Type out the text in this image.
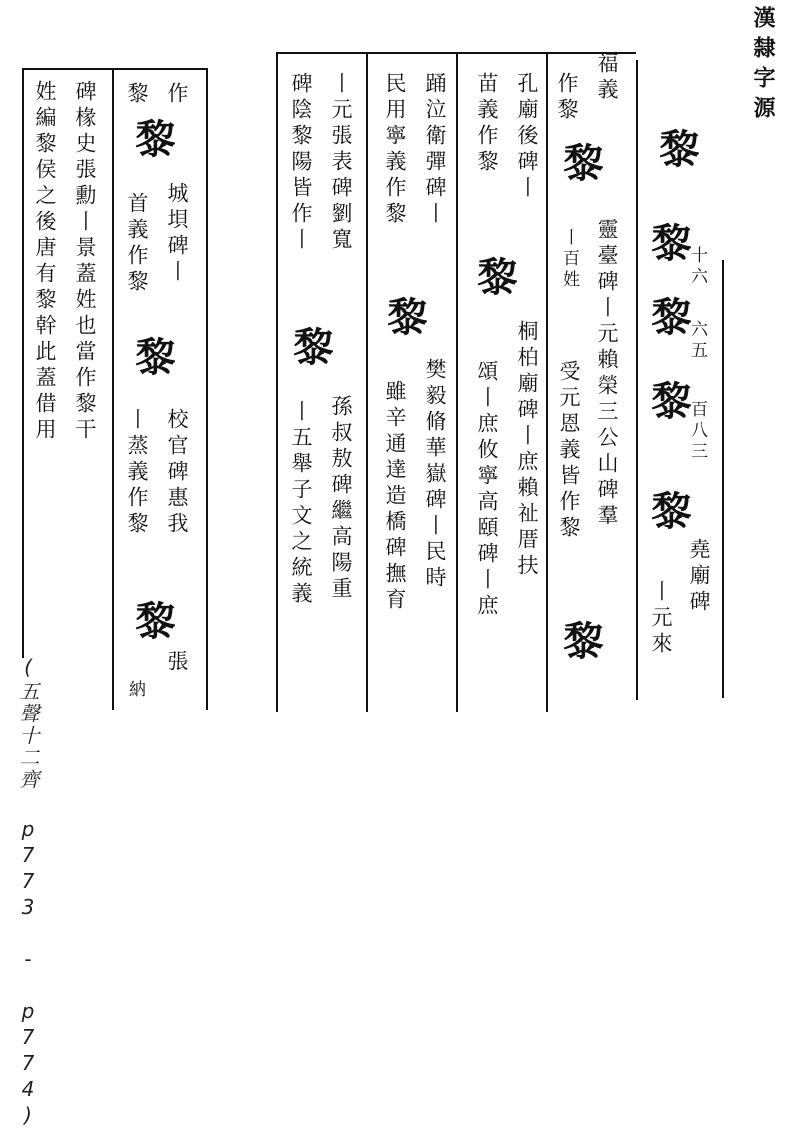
漢隸字源
黎
黎
十六
黎
六五
黎
百八三
黎
堯廟碑
丨元來
福義
作黎
黎
靈臺碑丨元賴榮三公山碑羣
丨百姓
受元恩義皆作黎
黎
孔廟後碑丨
苗義作黎
黎
桐柏廟碑丨庶賴祉厝扶
頌丨庶攸寧高頤碑丨庶
踊泣衛彈碑丨
民用寧義作黎
黎
樊毅脩華嶽碑丨民時
雖辛通達造橋碑撫育
丨元張表碑劉寬
碑陰黎陽皆作丨
黎
孫叔敖碑繼高陽重
丨五舉子文之統義
作
黎
黎
城垻碑丨
首義作黎
黎
校官碑惠我
丨蒸義作黎
黎
張
納
碑椽史張勳丨景蓋姓也當作黎干
姓編黎侯之後唐有黎幹此蓋借用
(五聲十二齊 p773 - p774)
